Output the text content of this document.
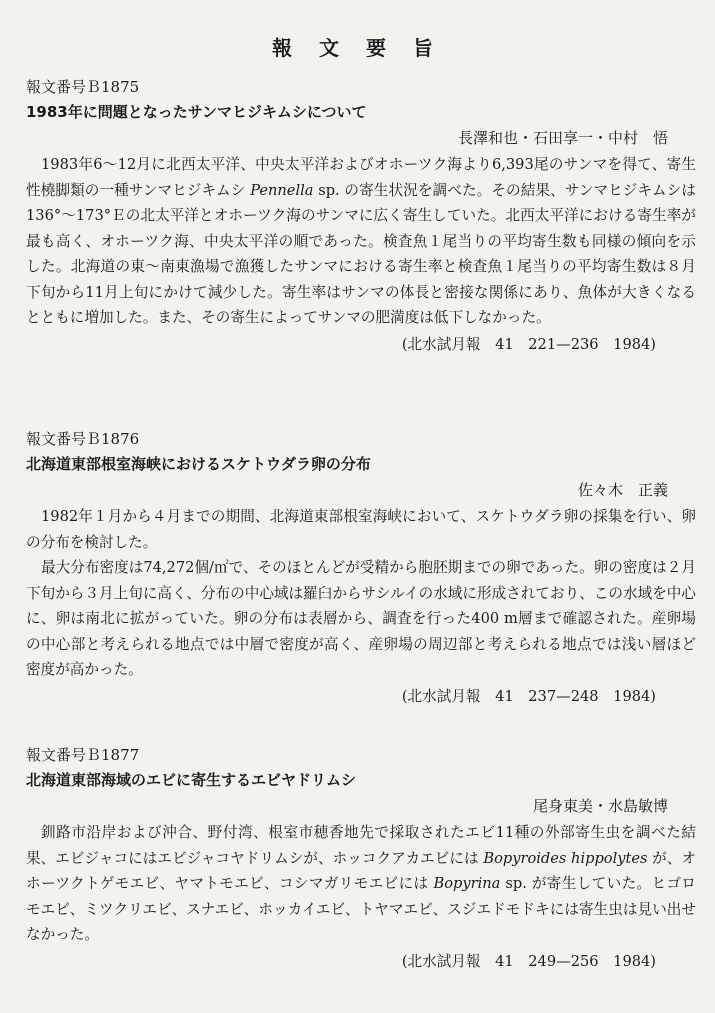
報 文 要 旨
報文番号Ｂ1875
1983年に問題となったサンマヒジキムシについて
長澤和也・石田享一・中村　悟

1983年6〜12月に北西太平洋、中央太平洋およびオホーツク海より6,393尾のサンマを得て、寄生性橈脚類の一種サンマヒジキムシ Pennella sp. の寄生状況を調べた。その結果、サンマヒジキムシは136°〜173°Ｅの北太平洋とオホーツク海のサンマに広く寄生していた。北西太平洋における寄生率が最も高く、オホーツク海、中央太平洋の順であった。検査魚１尾当りの平均寄生数も同様の傾向を示した。北海道の東〜南東漁場で漁獲したサンマにおける寄生率と検査魚１尾当りの平均寄生数は８月下旬から11月上旬にかけて減少した。寄生率はサンマの体長と密接な関係にあり、魚体が大きくなるとともに増加した。また、その寄生によってサンマの肥満度は低下しなかった。

(北水試月報　41　221—236　1984)
報文番号Ｂ1876
北海道東部根室海峡におけるスケトウダラ卵の分布
佐々木　正義

1982年１月から４月までの期間、北海道東部根室海峡において、スケトウダラ卵の採集を行い、卵の分布を検討した。

最大分布密度は74,272個/㎡で、そのほとんどが受精から胞胚期までの卵であった。卵の密度は２月下旬から３月上旬に高く、分布の中心域は羅臼からサシルイの水域に形成されており、この水域を中心に、卵は南北に拡がっていた。卵の分布は表層から、調査を行った400 m層まで確認された。産卵場の中心部と考えられる地点では中層で密度が高く、産卵場の周辺部と考えられる地点では浅い層ほど密度が高かった。

(北水試月報　41　237—248　1984)
報文番号Ｂ1877
北海道東部海域のエビに寄生するエビヤドリムシ
尾身東美・水島敏博

釧路市沿岸および沖合、野付湾、根室市穂香地先で採取されたエビ11種の外部寄生虫を調べた結果、エビジャコにはエビジャコヤドリムシが、ホッコクアカエビには Bopyroides hippolytes が、オホーツクトゲモエビ、ヤマトモエビ、コシマガリモエビには Bopyrina sp. が寄生していた。ヒゴロモエビ、ミツクリエビ、スナエビ、ホッカイエビ、トヤマエビ、スジエドモドキには寄生虫は見い出せなかった。

(北水試月報　41　249—256　1984)
